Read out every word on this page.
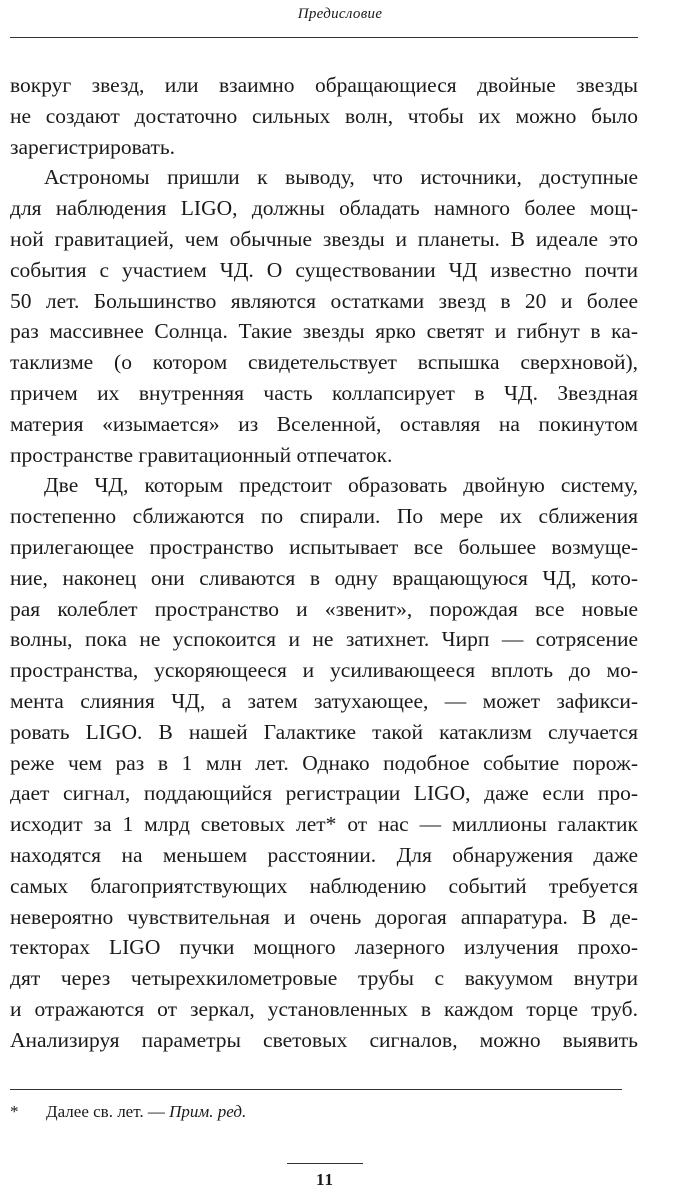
Предисловие
вокруг звезд, или взаимно обращающиеся двойные звезды
не создают достаточно сильных волн, чтобы их можно было
зарегистрировать.
Астрономы пришли к выводу, что источники, доступные
для наблюдения LIGO, должны обладать намного более мощ-
ной гравитацией, чем обычные звезды и планеты. В идеале это
события с участием ЧД. О существовании ЧД известно почти
50 лет. Большинство являются остатками звезд в 20 и более
раз массивнее Солнца. Такие звезды ярко светят и гибнут в ка-
таклизме (о котором свидетельствует вспышка сверхновой),
причем их внутренняя часть коллапсирует в ЧД. Звездная
материя «изымается» из Вселенной, оставляя на покинутом
пространстве гравитационный отпечаток.
Две ЧД, которым предстоит образовать двойную систему,
постепенно сближаются по спирали. По мере их сближения
прилегающее пространство испытывает все большее возмуще-
ние, наконец они сливаются в одну вращающуюся ЧД, кото-
рая колеблет пространство и «звенит», порождая все новые
волны, пока не успокоится и не затихнет. Чирп — сотрясение
пространства, ускоряющееся и усиливающееся вплоть до мо-
мента слияния ЧД, а затем затухающее, — может зафикси-
ровать LIGO. В нашей Галактике такой катаклизм случается
реже чем раз в 1 млн лет. Однако подобное событие порож-
дает сигнал, поддающийся регистрации LIGO, даже если про-
исходит за 1 млрд световых лет* от нас — миллионы галактик
находятся на меньшем расстоянии. Для обнаружения даже
самых благоприятствующих наблюдению событий требуется
невероятно чувствительная и очень дорогая аппаратура. В де-
текторах LIGO пучки мощного лазерного излучения прохо-
дят через четырехкилометровые трубы с вакуумом внутри
и отражаются от зеркал, установленных в каждом торце труб.
Анализируя параметры световых сигналов, можно выявить
* Далее св. лет. — Прим. ред.
11
